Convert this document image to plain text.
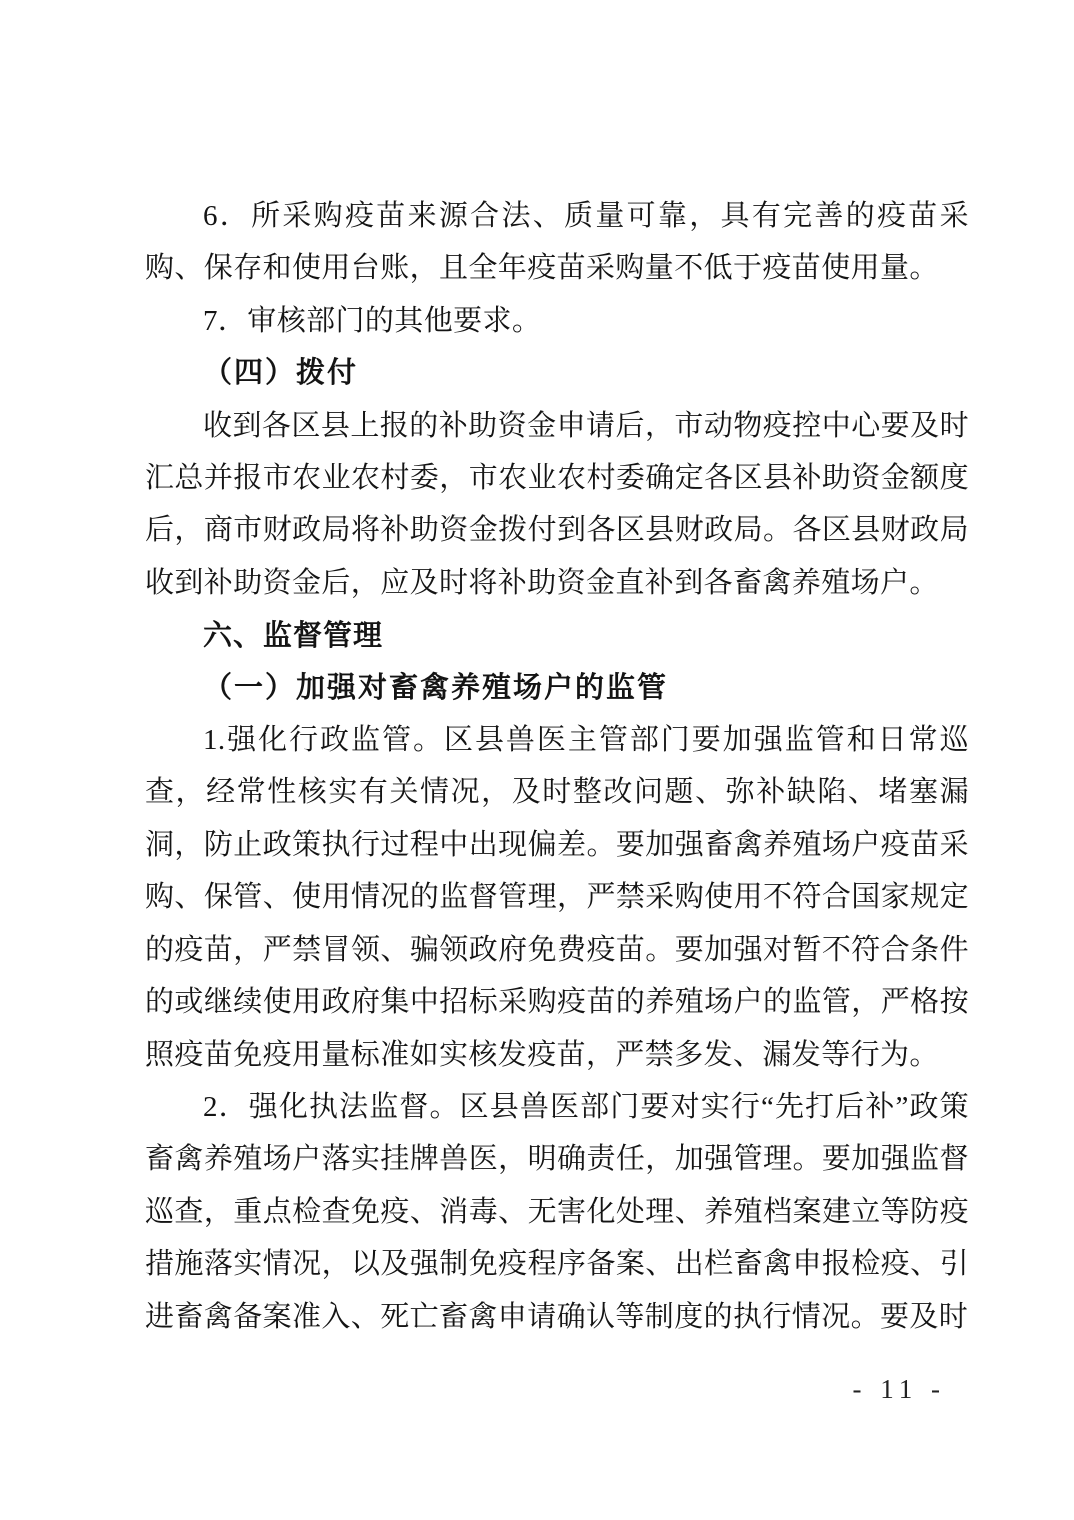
6．所采购疫苗来源合法、质量可靠，具有完善的疫苗采购、保存和使用台账，且全年疫苗采购量不低于疫苗使用量。

7．审核部门的其他要求。

（四）拨付

收到各区县上报的补助资金申请后，市动物疫控中心要及时汇总并报市农业农村委，市农业农村委确定各区县补助资金额度后，商市财政局将补助资金拨付到各区县财政局。各区县财政局收到补助资金后，应及时将补助资金直补到各畜禽养殖场户。

六、监督管理

（一）加强对畜禽养殖场户的监管

1.强化行政监管。区县兽医主管部门要加强监管和日常巡查，经常性核实有关情况，及时整改问题、弥补缺陷、堵塞漏洞，防止政策执行过程中出现偏差。要加强畜禽养殖场户疫苗采购、保管、使用情况的监督管理，严禁采购使用不符合国家规定的疫苗，严禁冒领、骗领政府免费疫苗。要加强对暂不符合条件的或继续使用政府集中招标采购疫苗的养殖场户的监管，严格按照疫苗免疫用量标准如实核发疫苗，严禁多发、漏发等行为。

2．强化执法监督。区县兽医部门要对实行“先打后补”政策畜禽养殖场户落实挂牌兽医，明确责任，加强管理。要加强监督巡查，重点检查免疫、消毒、无害化处理、养殖档案建立等防疫措施落实情况，以及强制免疫程序备案、出栏畜禽申报检疫、引进畜禽备案准入、死亡畜禽申请确认等制度的执行情况。要及时

- 11 -
